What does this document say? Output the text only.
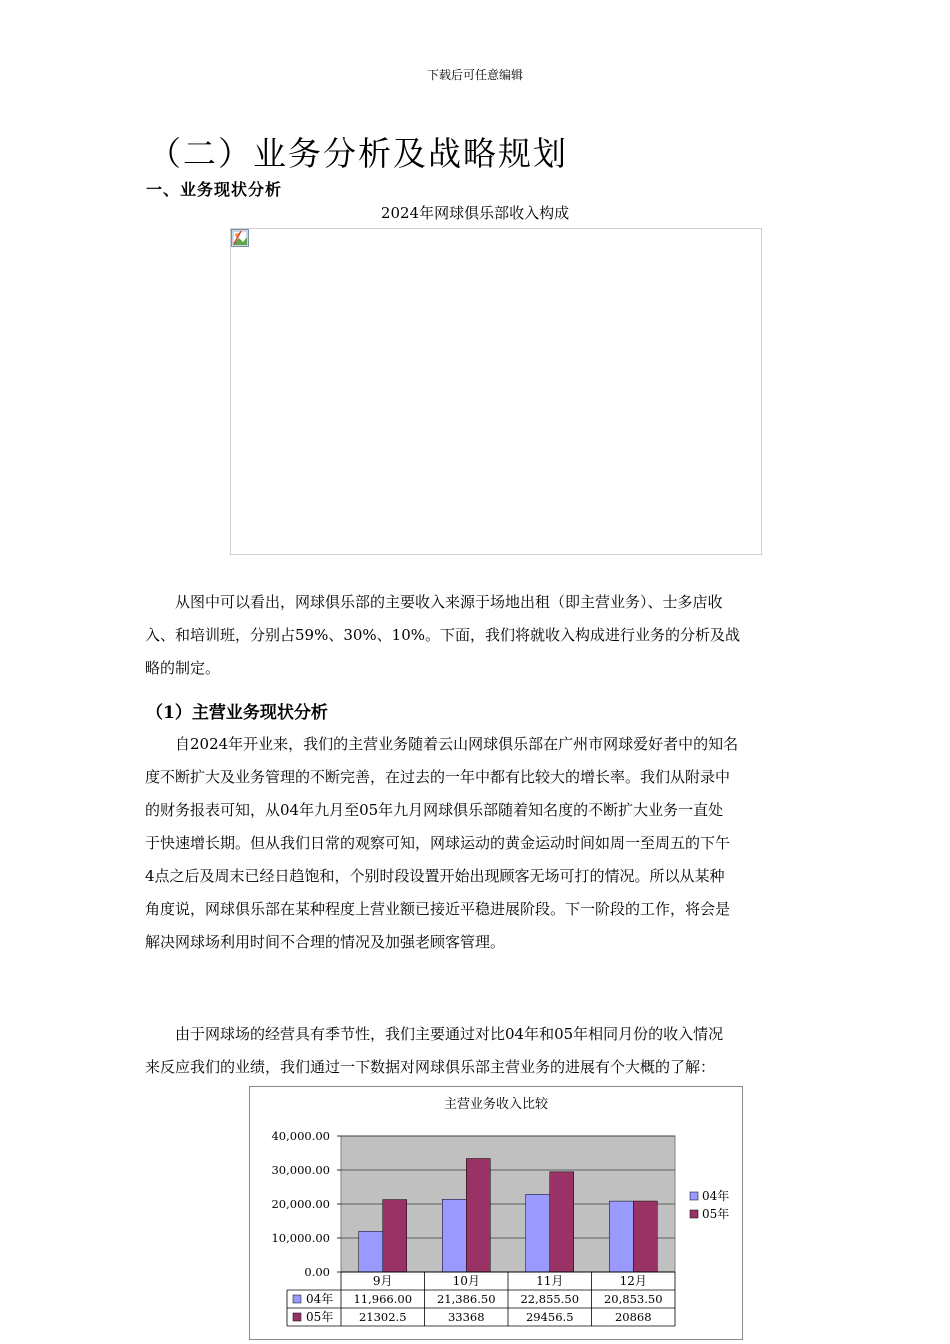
下载后可任意编辑
（二）业务分析及战略规划
一、业务现状分析
2024年网球俱乐部收入构成
　　从图中可以看出，网球俱乐部的主要收入来源于场地出租（即主营业务）、士多店收
入、和培训班，分别占59%、30%、10%。下面，我们将就收入构成进行业务的分析及战
略的制定。
（1）主营业务现状分析
　　自2024年开业来，我们的主营业务随着云山网球俱乐部在广州市网球爱好者中的知名
度不断扩大及业务管理的不断完善，在过去的一年中都有比较大的增长率。我们从附录中
的财务报表可知，从04年九月至05年九月网球俱乐部随着知名度的不断扩大业务一直处
于快速增长期。但从我们日常的观察可知，网球运动的黄金运动时间如周一至周五的下午
4点之后及周末已经日趋饱和，个别时段设置开始出现顾客无场可打的情况。所以从某种
角度说，网球俱乐部在某种程度上营业额已接近平稳进展阶段。下一阶段的工作，将会是
解决网球场利用时间不合理的情况及加强老顾客管理。
　　由于网球场的经营具有季节性，我们主要通过对比04年和05年相同月份的收入情况
来反应我们的业绩，我们通过一下数据对网球俱乐部主营业务的进展有个大概的了解：
主营业务收入比较
0.00
10,000.00
20,000.00
30,000.00
40,000.00
9月	10月	11月	12月
04年 11,966.00 21,386.50 22,855.50 20,853.50
05年 21302.5	33368	29456.5	20868
04年
05年
